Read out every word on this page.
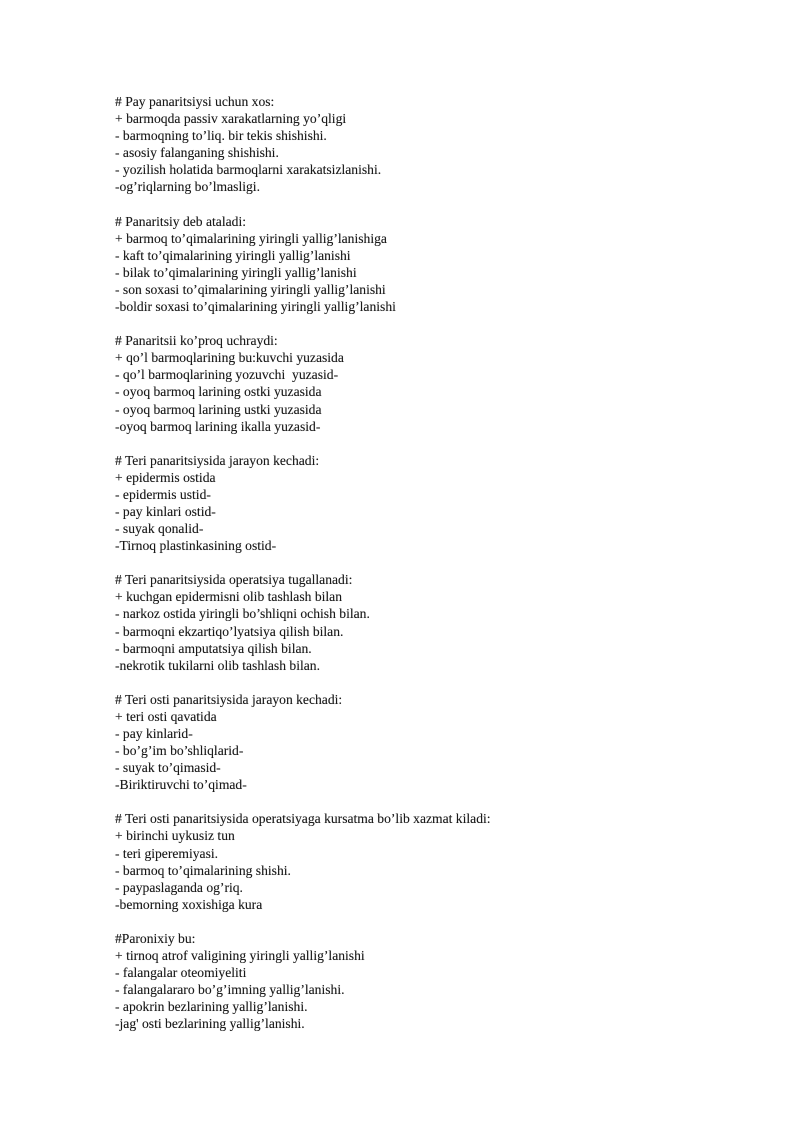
# Pay panaritsiysi uchun xos:
+ barmoqda passiv xarakatlarning yo’qligi
- barmoqning to’liq. bir tekis shishishi.
- asosiy falanganing shishishi.
- yozilish holatida barmoqlarni xarakatsizlanishi.
-og’riqlarning bo’lmasligi.
# Panaritsiy deb ataladi:
+ barmoq to’qimalarining yiringli yallig’lanishiga
- kaft to’qimalarining yiringli yallig’lanishi
- bilak to’qimalarining yiringli yallig’lanishi
- son soxasi to’qimalarining yiringli yallig’lanishi
-boldir soxasi to’qimalarining yiringli yallig’lanishi
# Panaritsii ko’proq uchraydi:
+ qo’l barmoqlarining bu:kuvchi yuzasida
- qo’l barmoqlarining yozuvchi  yuzasid-
- oyoq barmoq larining ostki yuzasida
- oyoq barmoq larining ustki yuzasida
-oyoq barmoq larining ikalla yuzasid-
# Teri panaritsiysida jarayon kechadi:
+ epidermis ostida
- epidermis ustid-
- pay kinlari ostid-
- suyak qonalid-
-Tirnoq plastinkasining ostid-
# Teri panaritsiysida operatsiya tugallanadi:
+ kuchgan epidermisni olib tashlash bilan
- narkoz ostida yiringli bo’shliqni ochish bilan.
- barmoqni ekzartiqo’lyatsiya qilish bilan.
- barmoqni amputatsiya qilish bilan.
-nekrotik tukilarni olib tashlash bilan.
# Teri osti panaritsiysida jarayon kechadi:
+ teri osti qavatida
- pay kinlarid-
- bo’g’im bo’shliqlarid-
- suyak to’qimasid-
-Biriktiruvchi to’qimad-
# Teri osti panaritsiysida operatsiyaga kursatma bo’lib xazmat kiladi:
+ birinchi uykusiz tun
- teri giperemiyasi.
- barmoq to’qimalarining shishi.
- paypaslaganda og’riq.
-bemorning xoxishiga kura
#Paronixiy bu:
+ tirnoq atrof valigining yiringli yallig’lanishi
- falangalar oteomiyeliti
- falangalararo bo’g’imning yallig’lanishi.
- apokrin bezlarining yallig’lanishi.
-jag' osti bezlarining yallig’lanishi.
